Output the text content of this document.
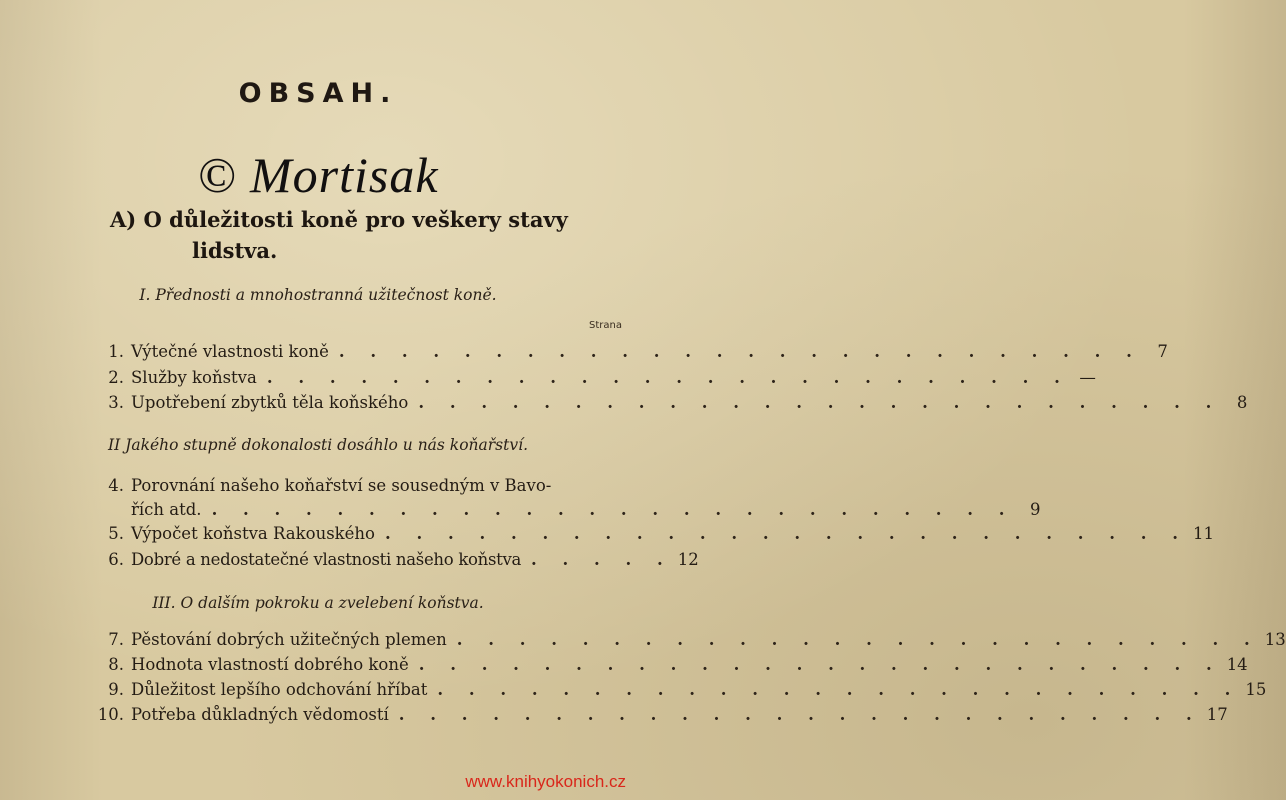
OBSAH.
© Mortisak
A) O důležitosti koně pro veškery stavy
lidstva.
I. Přednosti a mnohostranná užitečnost koně.
Strana
1. Výtečné vlastnosti koně . . . . . . . . . . . . . . . . . . . . . . . . . . 7
2. Služby koňstva . . . . . . . . . . . . . . . . . . . . . . . . . . —
3. Upotřebení zbytků těla koňského . . . . . . . . . . . . . . . . . . . . . . . . . . 8
II Jakého stupně dokonalosti dosáhlo u nás koňařství.
4. Porovnání našeho koňařství se sousedným v Bavo-
řích atd. . . . . . . . . . . . . . . . . . . . . . . . . . . 9
5. Výpočet koňstva Rakouského . . . . . . . . . . . . . . . . . . . . . . . . . . 11
6. Dobré a nedostatečné vlastnosti našeho koňstva . . . . . 12
III. O dalším pokroku a zvelebení koňstva.
7. Pěstování dobrých užitečných plemen . . . . . . . . . . . . . . . . . . . . . . . . . . 13
8. Hodnota vlastností dobrého koně . . . . . . . . . . . . . . . . . . . . . . . . . . 14
9. Důležitost lepšího odchování hříbat . . . . . . . . . . . . . . . . . . . . . . . . . . 15
10. Potřeba důkladných vědomostí . . . . . . . . . . . . . . . . . . . . . . . . . . 17
www.knihyokonich.cz
